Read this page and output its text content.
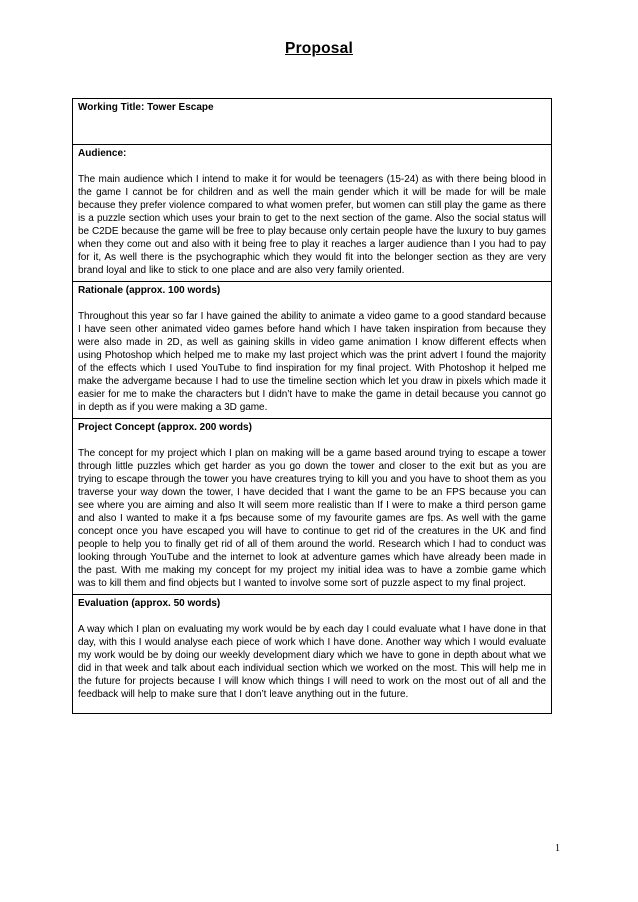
Proposal

Working Title: Tower Escape

Audience:

The main audience which I intend to make it for would be teenagers (15-24) as with there being blood in the game I cannot be for children and as well the main gender which it will be made for will be male because they prefer violence compared to what women prefer, but women can still play the game as there is a puzzle section which uses your brain to get to the next section of the game. Also the social status will be C2DE because the game will be free to play because only certain people have the luxury to buy games when they come out and also with it being free to play it reaches a larger audience than I you had to pay for it, As well there is the psychographic which they would fit into the belonger section as they are very brand loyal and like to stick to one place and are also very family oriented.

Rationale (approx. 100 words)

Throughout this year so far I have gained the ability to animate a video game to a good standard because I have seen other animated video games before hand which I have taken inspiration from because they were also made in 2D, as well as gaining skills in video game animation I know different effects when using Photoshop which helped me to make my last project which was the print advert I found the majority of the effects which I used YouTube to find inspiration for my final project. With Photoshop it helped me make the advergame because I had to use the timeline section which let you draw in pixels which made it easier for me to make the characters but I didn’t have to make the game in detail because you cannot go in depth as if you were making a 3D game.

Project Concept (approx. 200 words)

The concept for my project which I plan on making will be a game based around trying to escape a tower through little puzzles which get harder as you go down the tower and closer to the exit but as you are trying to escape through the tower you have creatures trying to kill you and you have to shoot them as you traverse your way down the tower, I have decided that I want the game to be an FPS because you can see where you are aiming and also It will seem more realistic than If I were to make a third person game and also I wanted to make it a fps because some of my favourite games are fps. As well with the game concept once you have escaped you will have to continue to get rid of the creatures in the UK and find people to help you to finally get rid of all of them around the world. Research which I had to conduct was looking through YouTube and the internet to look at adventure games which have already been made in the past. With me making my concept for my project my initial idea was to have a zombie game which was to kill them and find objects but I wanted to involve some sort of puzzle aspect to my final project.

Evaluation (approx. 50 words)

A way which I plan on evaluating my work would be by each day I could evaluate what I have done in that day, with this I would analyse each piece of work which I have done. Another way which I would evaluate my work would be by doing our weekly development diary which we have to gone in depth about what we did in that week and talk about each individual section which we worked on the most. This will help me in the future for projects because I will know which things I will need to work on the most out of all and the feedback will help to make sure that I don’t leave anything out in the future.

1
